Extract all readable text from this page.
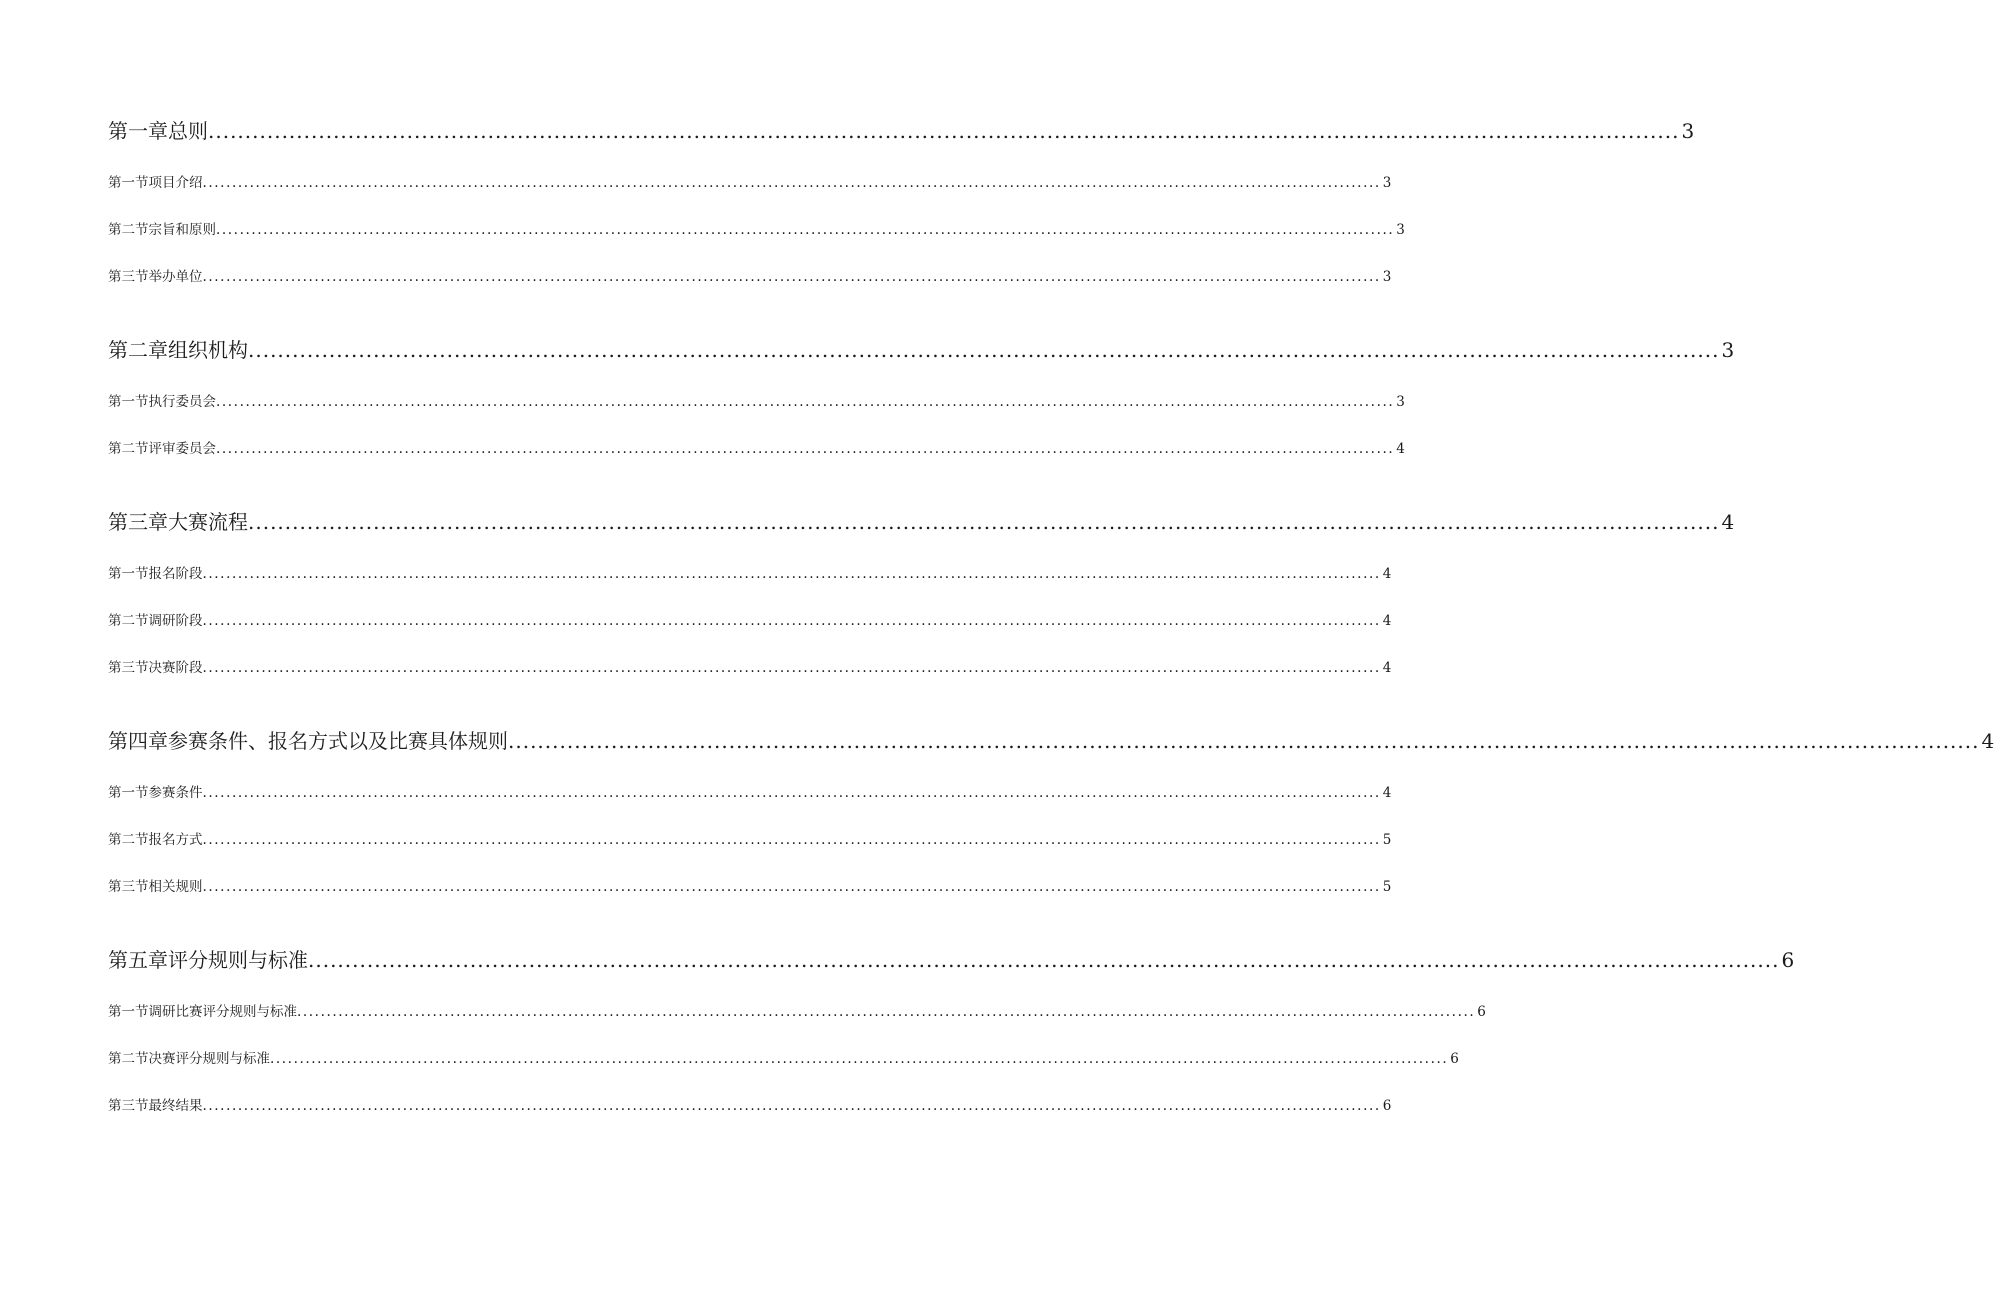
第一章总则 ........................................................................................................................................................................................................ 3
第一节项目介绍 ........................................................................................................................................................................................................ 3
第二节宗旨和原则 ........................................................................................................................................................................................................ 3
第三节举办单位 ........................................................................................................................................................................................................ 3
第二章组织机构 ........................................................................................................................................................................................................ 3
第一节执行委员会 ........................................................................................................................................................................................................ 3
第二节评审委员会 ........................................................................................................................................................................................................ 4
第三章大赛流程 ........................................................................................................................................................................................................ 4
第一节报名阶段 ........................................................................................................................................................................................................ 4
第二节调研阶段 ........................................................................................................................................................................................................ 4
第三节决赛阶段 ........................................................................................................................................................................................................ 4
第四章参赛条件、报名方式以及比赛具体规则 ........................................................................................................................................................................................................ 4
第一节参赛条件 ........................................................................................................................................................................................................ 4
第二节报名方式 ........................................................................................................................................................................................................ 5
第三节相关规则 ........................................................................................................................................................................................................ 5
第五章评分规则与标准 ........................................................................................................................................................................................................ 6
第一节调研比赛评分规则与标准 ........................................................................................................................................................................................................ 6
第二节决赛评分规则与标准 ........................................................................................................................................................................................................ 6
第三节最终结果 ........................................................................................................................................................................................................ 6
